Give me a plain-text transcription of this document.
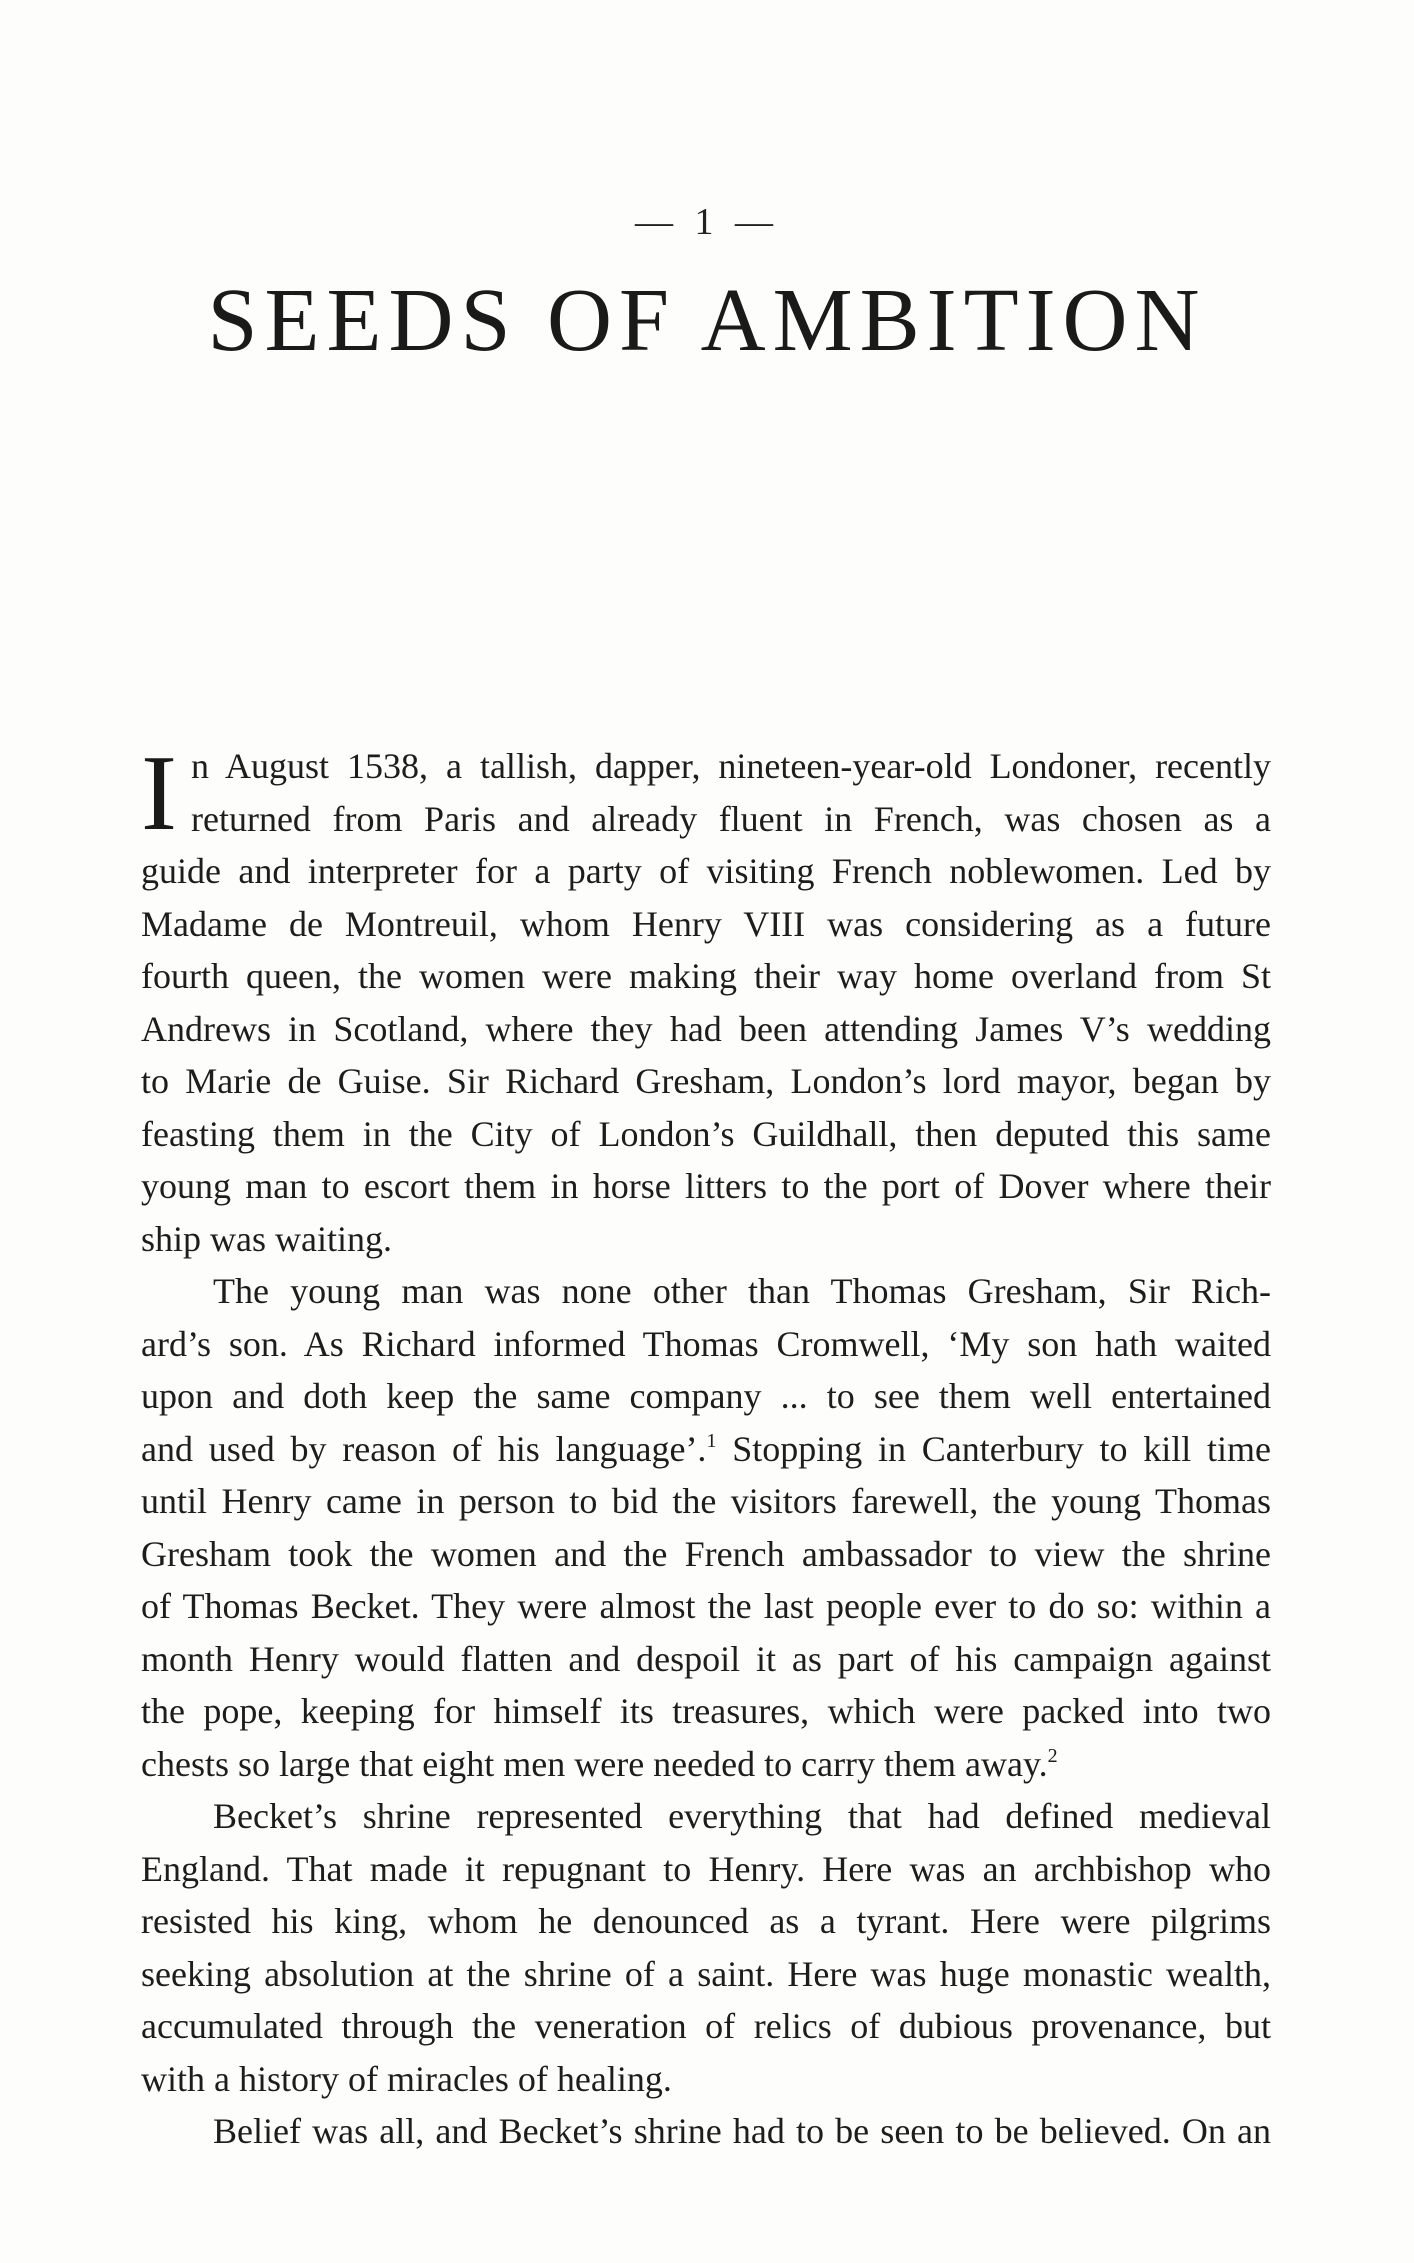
— 1 —
SEEDS OF AMBITION
I n August 1538, a tallish, dapper, nineteen-year-old Londoner, recently
returned from Paris and already fluent in French, was chosen as a
guide and interpreter for a party of visiting French noblewomen. Led by
Madame de Montreuil, whom Henry VIII was considering as a future
fourth queen, the women were making their way home overland from St
Andrews in Scotland, where they had been attending James V’s wedding
to Marie de Guise. Sir Richard Gresham, London’s lord mayor, began by
feasting them in the City of London’s Guildhall, then deputed this same
young man to escort them in horse litters to the port of Dover where their
ship was waiting.
The young man was none other than Thomas Gresham, Sir Rich-
ard’s son. As Richard informed Thomas Cromwell, ‘My son hath waited
upon and doth keep the same company ... to see them well entertained
and used by reason of his language’.$^1$ Stopping in Canterbury to kill time
until Henry came in person to bid the visitors farewell, the young Thomas
Gresham took the women and the French ambassador to view the shrine
of Thomas Becket. They were almost the last people ever to do so: within a
month Henry would flatten and despoil it as part of his campaign against
the pope, keeping for himself its treasures, which were packed into two
chests so large that eight men were needed to carry them away.$^2$
Becket’s shrine represented everything that had defined medieval
England. That made it repugnant to Henry. Here was an archbishop who
resisted his king, whom he denounced as a tyrant. Here were pilgrims
seeking absolution at the shrine of a saint. Here was huge monastic wealth,
accumulated through the veneration of relics of dubious provenance, but
with a history of miracles of healing.
Belief was all, and Becket’s shrine had to be seen to be believed. On an
